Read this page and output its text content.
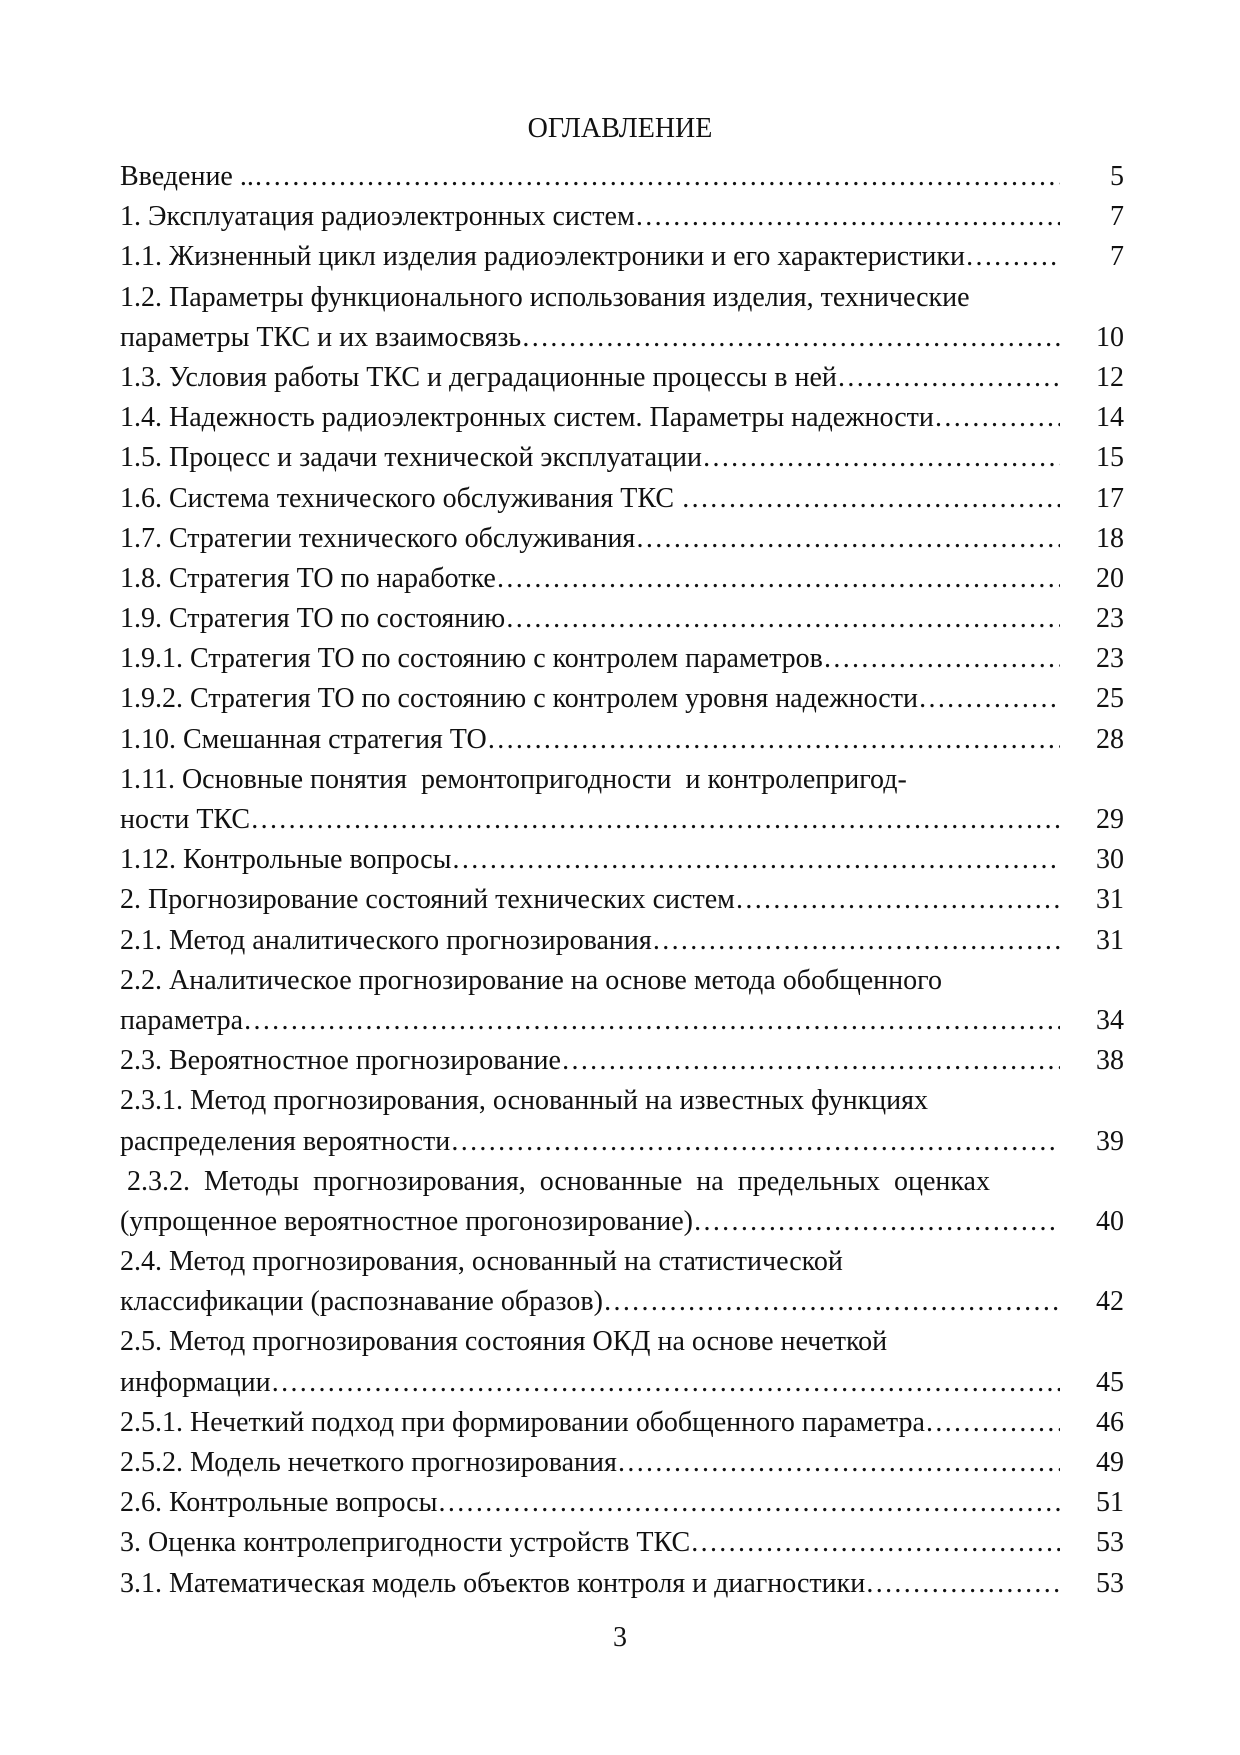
ОГЛАВЛЕНИЕ
Введение .. ……………………………………………………………………………………………………………………	5
1. Эксплуатация радиоэлектронных систем ……………………………………………………………………………………………………………………	7
1.1. Жизненный цикл изделия радиоэлектроники и его характеристики ……………………………………………………………………………………………………………………	7
1.2. Параметры функционального использования изделия, технические
параметры ТКС и их взаимосвязь ……………………………………………………………………………………………………………………	10
1.3. Условия работы ТКС и деградационные процессы в ней ……………………………………………………………………………………………………………………	12
1.4. Надежность радиоэлектронных систем. Параметры надежности ……………………………………………………………………………………………………………………	14
1.5. Процесс и задачи технической эксплуатации ……………………………………………………………………………………………………………………	15
1.6. Система технического обслуживания ТКС ……………………………………………………………………………………………………………………	17
1.7. Стратегии технического обслуживания ……………………………………………………………………………………………………………………	18
1.8. Стратегия ТО по наработке ……………………………………………………………………………………………………………………	20
1.9. Стратегия ТО по состоянию ……………………………………………………………………………………………………………………	23
1.9.1. Стратегия ТО по состоянию с контролем параметров ……………………………………………………………………………………………………………………	23
1.9.2. Стратегия ТО по состоянию с контролем уровня надежности ……………………………………………………………………………………………………………………	25
1.10. Смешанная стратегия ТО ……………………………………………………………………………………………………………………	28
1.11. Основные понятия  ремонтопригодности  и контролепригод-
ности ТКС ……………………………………………………………………………………………………………………	29
1.12. Контрольные вопросы ……………………………………………………………………………………………………………………	30
2. Прогнозирование состояний технических систем ……………………………………………………………………………………………………………………	31
2.1. Метод аналитического прогнозирования ……………………………………………………………………………………………………………………	31
2.2. Аналитическое прогнозирование на основе метода обобщенного
параметра ……………………………………………………………………………………………………………………	34
2.3. Вероятностное прогнозирование ……………………………………………………………………………………………………………………	38
2.3.1. Метод прогнозирования, основанный на известных функциях
распределения вероятности ……………………………………………………………………………………………………………………	39
2.3.2.  Методы  прогнозирования,  основанные  на  предельных  оценках
(упрощенное вероятностное прогонозирование) ……………………………………………………………………………………………………………………	40
2.4. Метод прогнозирования, основанный на статистической
классификации (распознавание образов) ……………………………………………………………………………………………………………………	42
2.5. Метод прогнозирования состояния ОКД на основе нечеткой
информации ……………………………………………………………………………………………………………………	45
2.5.1. Нечеткий подход при формировании обобщенного параметра ……………………………………………………………………………………………………………………	46
2.5.2. Модель нечеткого прогнозирования ……………………………………………………………………………………………………………………	49
2.6. Контрольные вопросы ……………………………………………………………………………………………………………………	51
3. Оценка контролепригодности устройств ТКС ……………………………………………………………………………………………………………………	53
3.1. Математическая модель объектов контроля и диагностики ……………………………………………………………………………………………………………………	53
3
